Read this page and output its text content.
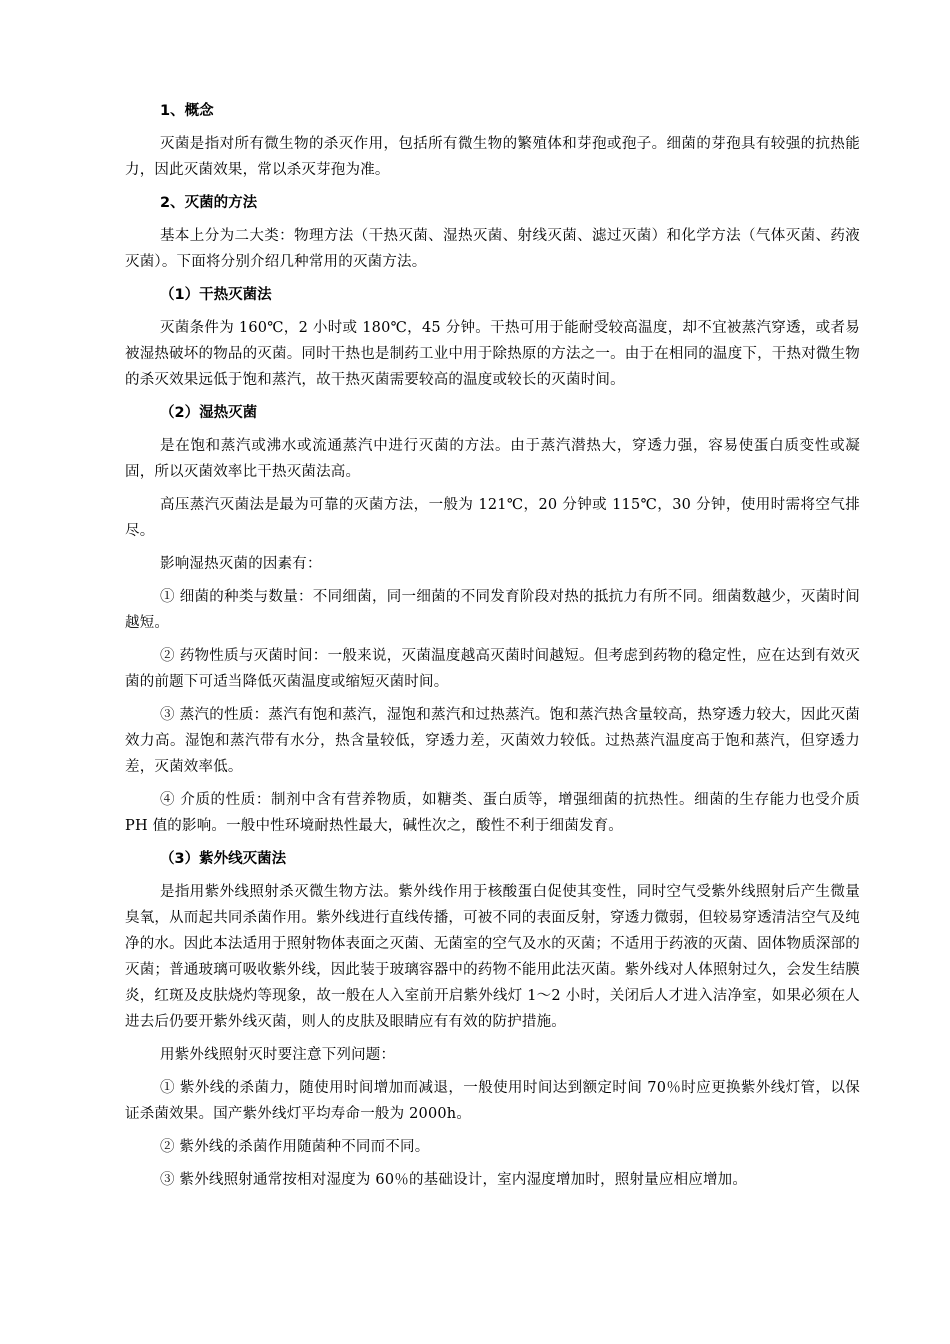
1、概念
灭菌是指对所有微生物的杀灭作用，包括所有微生物的繁殖体和芽孢或孢子。细菌的芽孢具有较强的抗热能力，因此灭菌效果，常以杀灭芽孢为准。
2、灭菌的方法
基本上分为二大类：物理方法（干热灭菌、湿热灭菌、射线灭菌、滤过灭菌）和化学方法（气体灭菌、药液灭菌）。下面将分别介绍几种常用的灭菌方法。
（1）干热灭菌法
灭菌条件为 160℃，2 小时或 180℃，45 分钟。干热可用于能耐受较高温度，却不宜被蒸汽穿透，或者易被湿热破坏的物品的灭菌。同时干热也是制药工业中用于除热原的方法之一。由于在相同的温度下，干热对微生物的杀灭效果远低于饱和蒸汽，故干热灭菌需要较高的温度或较长的灭菌时间。
（2）湿热灭菌
是在饱和蒸汽或沸水或流通蒸汽中进行灭菌的方法。由于蒸汽潜热大，穿透力强，容易使蛋白质变性或凝固，所以灭菌效率比干热灭菌法高。
高压蒸汽灭菌法是最为可靠的灭菌方法，一般为 121℃，20 分钟或 115℃，30 分钟，使用时需将空气排尽。
影响湿热灭菌的因素有：
① 细菌的种类与数量：不同细菌，同一细菌的不同发育阶段对热的抵抗力有所不同。细菌数越少，灭菌时间越短。
② 药物性质与灭菌时间：一般来说，灭菌温度越高灭菌时间越短。但考虑到药物的稳定性，应在达到有效灭菌的前题下可适当降低灭菌温度或缩短灭菌时间。
③ 蒸汽的性质：蒸汽有饱和蒸汽，湿饱和蒸汽和过热蒸汽。饱和蒸汽热含量较高，热穿透力较大，因此灭菌效力高。湿饱和蒸汽带有水分，热含量较低，穿透力差，灭菌效力较低。过热蒸汽温度高于饱和蒸汽，但穿透力差，灭菌效率低。
④ 介质的性质：制剂中含有营养物质，如糖类、蛋白质等，增强细菌的抗热性。细菌的生存能力也受介质 PH 值的影响。一般中性环境耐热性最大，碱性次之，酸性不利于细菌发育。
（3）紫外线灭菌法
是指用紫外线照射杀灭微生物方法。紫外线作用于核酸蛋白促使其变性，同时空气受紫外线照射后产生微量臭氧，从而起共同杀菌作用。紫外线进行直线传播，可被不同的表面反射，穿透力微弱，但较易穿透清洁空气及纯净的水。因此本法适用于照射物体表面之灭菌、无菌室的空气及水的灭菌；不适用于药液的灭菌、固体物质深部的灭菌；普通玻璃可吸收紫外线，因此装于玻璃容器中的药物不能用此法灭菌。紫外线对人体照射过久，会发生结膜炎，红斑及皮肤烧灼等现象，故一般在人入室前开启紫外线灯 1～2 小时，关闭后人才进入洁净室，如果必须在人进去后仍要开紫外线灭菌，则人的皮肤及眼睛应有有效的防护措施。
用紫外线照射灭时要注意下列问题：
① 紫外线的杀菌力，随使用时间增加而减退，一般使用时间达到额定时间 70％时应更换紫外线灯管，以保证杀菌效果。国产紫外线灯平均寿命一般为 2000h。
② 紫外线的杀菌作用随菌种不同而不同。
③ 紫外线照射通常按相对湿度为 60％的基础设计，室内湿度增加时，照射量应相应增加。
